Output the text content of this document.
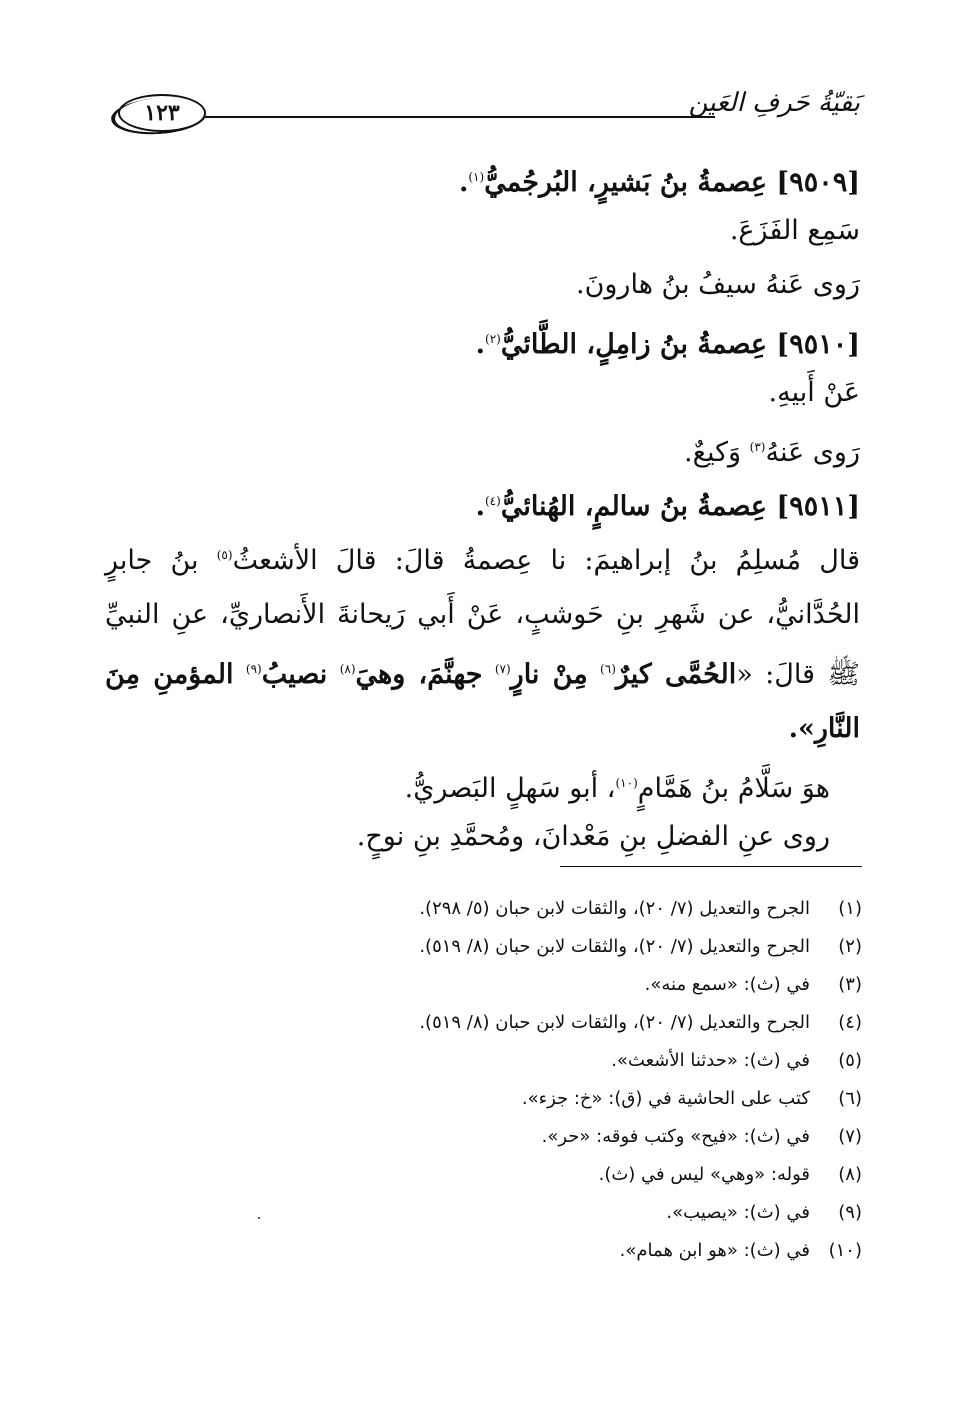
بَقيّةُ حَرفِ العَين
١٢٣
[٩٥٠٩] عِصمةُ بنُ بَشيرٍ، البُرجُميُّ$^{(١)}$.
سَمِع الفَزَعَ.
رَوى عَنهُ سيفُ بنُ هارونَ.
[٩٥١٠] عِصمةُ بنُ زامِلٍ، الطَّائيُّ$^{(٢)}$.
عَنْ أَبيهِ.
رَوى عَنهُ$^{(٣)}$ وَكيعٌ.
[٩٥١١] عِصمةُ بنُ سالمٍ، الهُنائيُّ$^{(٤)}$.
قال مُسلِمُ بنُ إبراهيمَ: نا عِصمةُ قالَ: قالَ الأشعثُ$^{(٥)}$ بنُ جابرٍ الحُدَّانيُّ، عن شَهرِ بنِ حَوشبٍ، عَنْ أَبي رَيحانةَ الأَنصاريِّ، عنِ النبيِّ ﷺ قالَ: «الحُمَّى كيرٌ$^{(٦)}$ مِنْ نارٍ$^{(٧)}$ جهنَّمَ، وهيَ$^{(٨)}$ نصيبُ$^{(٩)}$ المؤمنِ مِنَ النَّارِ».
هوَ سَلَّامُ بنُ هَمَّامٍ$^{(١٠)}$، أبو سَهلٍ البَصريُّ.
روى عنِ الفضلِ بنِ مَعْدانَ، ومُحمَّدِ بنِ نوحٍ.
(١)الجرح والتعديل (٧/ ٢٠)، والثقات لابن حبان (٥/ ٢٩٨).
(٢)الجرح والتعديل (٧/ ٢٠)، والثقات لابن حبان (٨/ ٥١٩).
(٣)في (ث): «سمع منه».
(٤)الجرح والتعديل (٧/ ٢٠)، والثقات لابن حبان (٨/ ٥١٩).
(٥)في (ث): «حدثنا الأشعث».
(٦)كتب على الحاشية في (ق): «خ: جزء».
(٧)في (ث): «فيح» وكتب فوقه: «حر».
(٨)قوله: «وهي» ليس في (ث).
(٩)في (ث): «يصيب».
(١٠)في (ث): «هو ابن همام».
